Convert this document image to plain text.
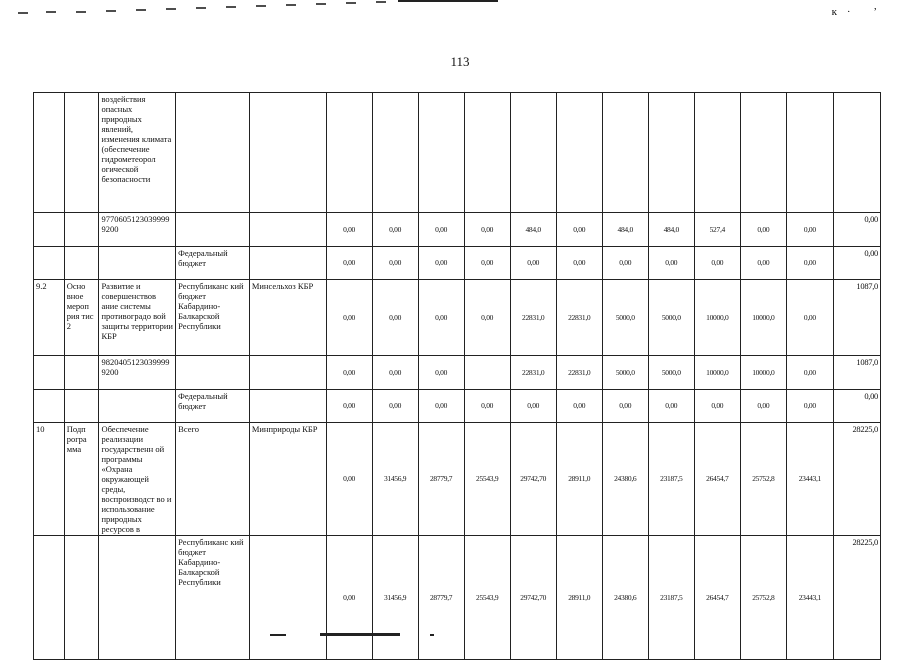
к· ’
113
		воздействия опасных природных явлений, изменения климата (обеспечение гидрометеорол огической безопасности														
		97706051230399999200			0,00	0,00	0,00	0,00	484,0	0,00	484,0	484,0	527,4	0,00	0,00	0,00
			Федеральный бюджет		0,00	0,00	0,00	0,00	0,00	0,00	0,00	0,00	0,00	0,00	0,00	0,00
9.2	Осно вное мероп рия тис 2	Развитие и совершенствов ание системы противоградо вой защиты территории КБР	Республиканс кий бюджет Кабардино-Балкарской Республики	Минсельхоз КБР	0,00	0,00	0,00	0,00	22831,0	22831,0	5000,0	5000,0	10000,0	10000,0	0,00	1087,0
		98204051230399999200			0,00	0,00	0,00		22831,0	22831,0	5000,0	5000,0	10000,0	10000,0	0,00	1087,0
			Федеральный бюджет		0,00	0,00	0,00	0,00	0,00	0,00	0,00	0,00	0,00	0,00	0,00	0,00
10	Подп рогра мма	Обеспечение реализации государственн ой программы «Охрана окружающей среды, воспроизводст во и использование природных ресурсов в	Всего	Минприроды КБР	0,00	31456,9	28779,7	25543,9	29742,70	28911,0	24380,6	23187,5	26454,7	25752,8	23443,1	28225,0
			Республиканс кий бюджет Кабардино-Балкарской Республики		0,00	31456,9	28779,7	25543,9	29742,70	28911,0	24380,6	23187,5	26454,7	25752,8	23443,1	28225,0
